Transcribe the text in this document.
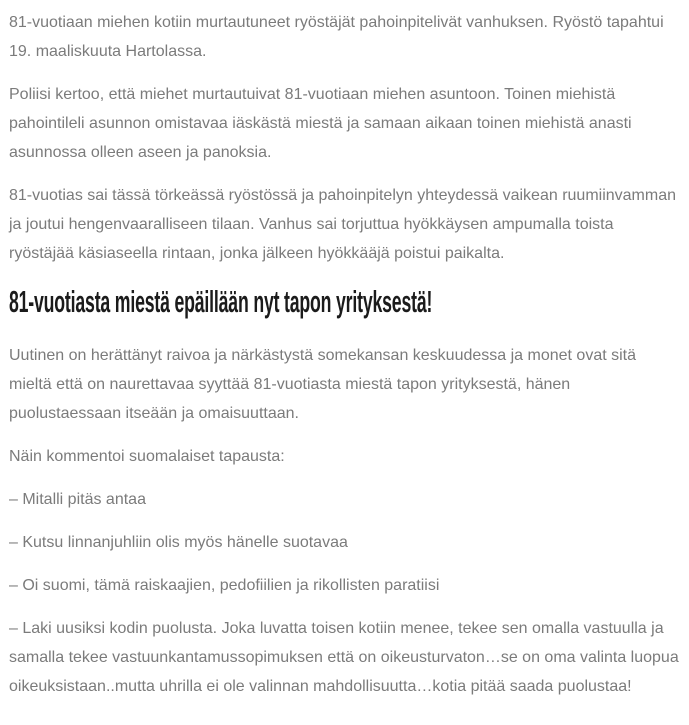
81-vuotiaan miehen kotiin murtautuneet ryöstäjät pahoinpitelivät vanhuksen. Ryöstö tapahtui 19. maaliskuuta Hartolassa.

Poliisi kertoo, että miehet murtautuivat 81-vuotiaan miehen asuntoon. Toinen miehistä pahointileli asunnon omistavaa iäskästä miestä ja samaan aikaan toinen miehistä anasti asunnossa olleen aseen ja panoksia.

81-vuotias sai tässä törkeässä ryöstössä ja pahoinpitelyn yhteydessä vaikean ruumiinvamman ja joutui hengenvaaralliseen tilaan. Vanhus sai torjuttua hyökkäysen ampumalla toista ryöstäjää käsiaseella rintaan, jonka jälkeen hyökkääjä poistui paikalta.

81-vuotiasta miestä epäillään nyt tapon yrityksestä!

Uutinen on herättänyt raivoa ja närkästystä somekansan keskuudessa ja monet ovat sitä mieltä että on naurettavaa syyttää 81-vuotiasta miestä tapon yrityksestä, hänen puolustaessaan itseään ja omaisuuttaan.

Näin kommentoi suomalaiset tapausta:

– Mitalli pitäs antaa

– Kutsu linnanjuhliin olis myös hänelle suotavaa

– Oi suomi, tämä raiskaajien, pedofiilien ja rikollisten paratiisi

– Laki uusiksi kodin puolusta. Joka luvatta toisen kotiin menee, tekee sen omalla vastuulla ja samalla tekee vastuunkantamussopimuksen että on oikeusturvaton…se on oma valinta luopua oikeuksistaan..mutta uhrilla ei ole valinnan mahdollisuutta…kotia pitää saada puolustaa!
